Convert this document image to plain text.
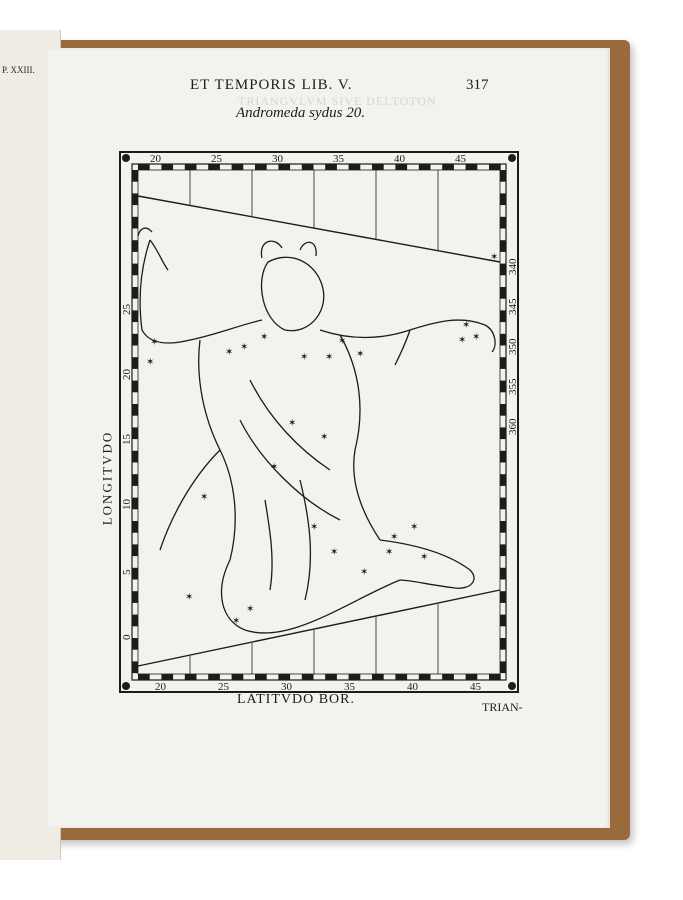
P. XXIII.
TRIANGVLVM SIVE DELTOTON
ET TEMPORIS LIB. V.	317
Andromeda sydus 20.
✶
✶
✶
✶
✶	✶ ✶
✶
✶
✶
✶ ✶
✶
✶
✶
✶
✶
✶
✶
✶
✶
✶
✶
✶
✶
✶
✶
LONGITVDO
LATITVDO BOR.	TRIAN-
20	25	30	35	40	45
20	25	30	35	40	45
340
345
350
355
360
0
5
10
15
20
25
